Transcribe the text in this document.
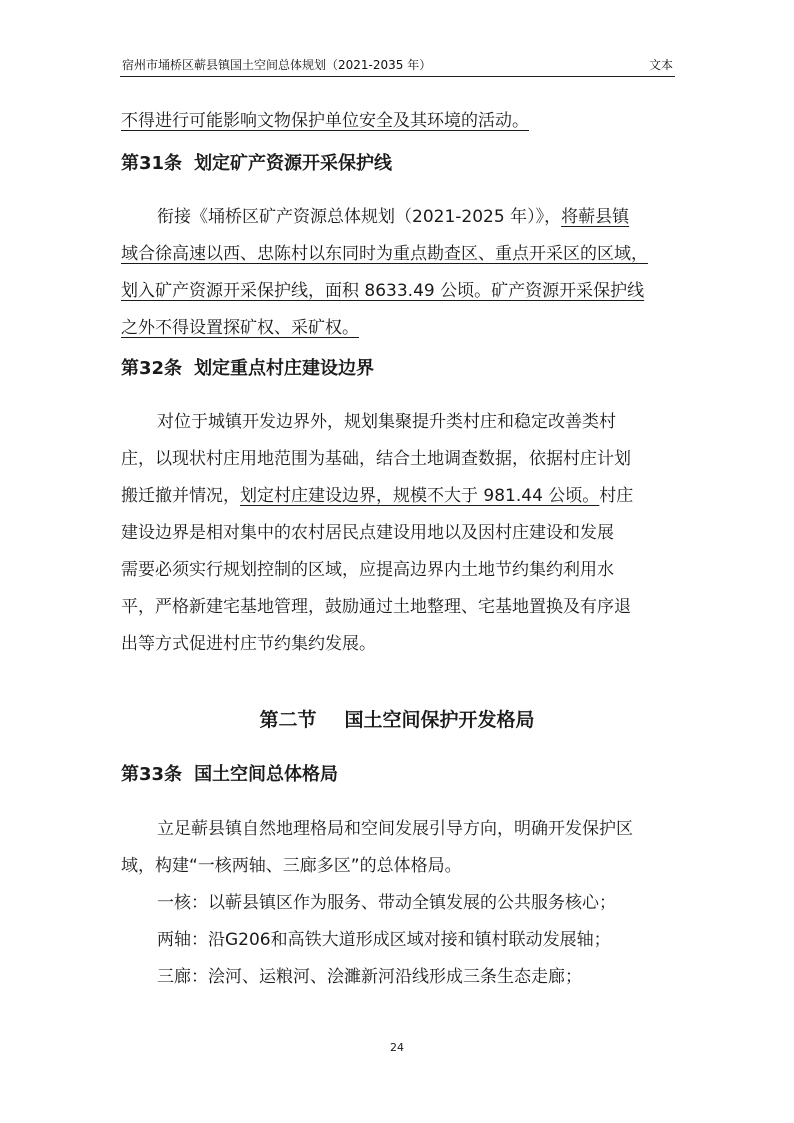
宿州市埇桥区蕲县镇国土空间总体规划（2021-2035 年）	文本
不得进行可能影响文物保护单位安全及其环境的活动。
第31条 划定矿产资源开采保护线
衔接《埇桥区矿产资源总体规划（2021-2025 年）》，将蕲县镇
域合徐高速以西、忠陈村以东同时为重点勘查区、重点开采区的区域，
划入矿产资源开采保护线，面积 8633.49 公顷。矿产资源开采保护线
之外不得设置探矿权、采矿权。
第32条 划定重点村庄建设边界
对位于城镇开发边界外，规划集聚提升类村庄和稳定改善类村
庄，以现状村庄用地范围为基础，结合土地调查数据，依据村庄计划
搬迁撤并情况，划定村庄建设边界，规模不大于 981.44 公顷。村庄
建设边界是相对集中的农村居民点建设用地以及因村庄建设和发展
需要必须实行规划控制的区域，应提高边界内土地节约集约利用水
平，严格新建宅基地管理，鼓励通过土地整理、宅基地置换及有序退
出等方式促进村庄节约集约发展。
第二节 国土空间保护开发格局
第33条 国土空间总体格局
立足蕲县镇自然地理格局和空间发展引导方向，明确开发保护区
域，构建“一核两轴、三廊多区”的总体格局。
一核：以蕲县镇区作为服务、带动全镇发展的公共服务核心；
两轴：沿G206和高铁大道形成区域对接和镇村联动发展轴；
三廊：浍河、运粮河、浍濉新河沿线形成三条生态走廊；
24
